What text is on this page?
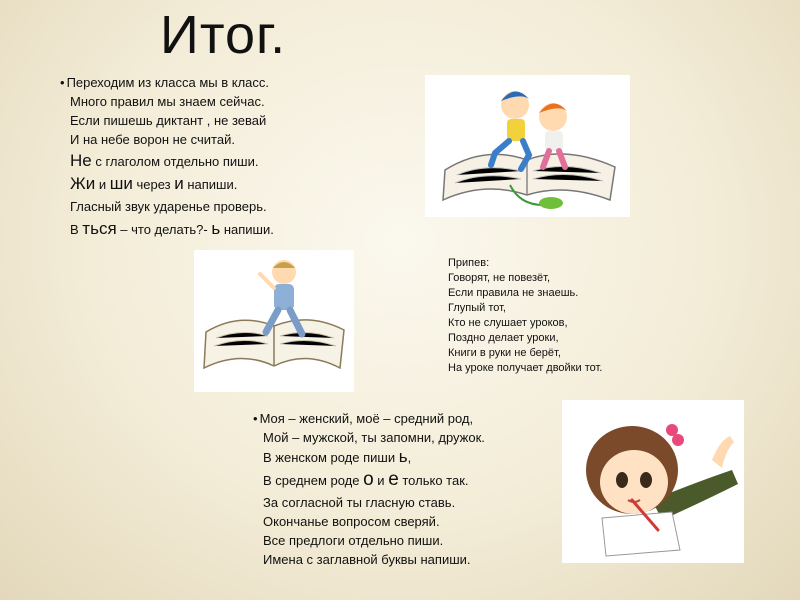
Итог.
• Переходим из класса мы в класс.
Много правил мы знаем сейчас.
Если пишешь диктант , не зевай
И на небе ворон не считай.
Не с глаголом отдельно пиши.
Жи и ши через и напиши.
Гласный звук ударенье проверь.
В ться – что делать?- ь напиши.
Припев:
Говорят, не повезёт,
Если правила не знаешь.
Глупый тот,
Кто не слушает уроков,
Поздно делает уроки,
Книги в руки не берёт,
На уроке получает двойки тот.
• Моя – женский, моё – средний род,
Мой – мужской, ты запомни, дружок.
В женском роде пиши ь,
В среднем роде о и е только так.
За согласной ты гласную ставь.
Окончанье вопросом сверяй.
Все предлоги отдельно пиши.
Имена с заглавной буквы напиши.
